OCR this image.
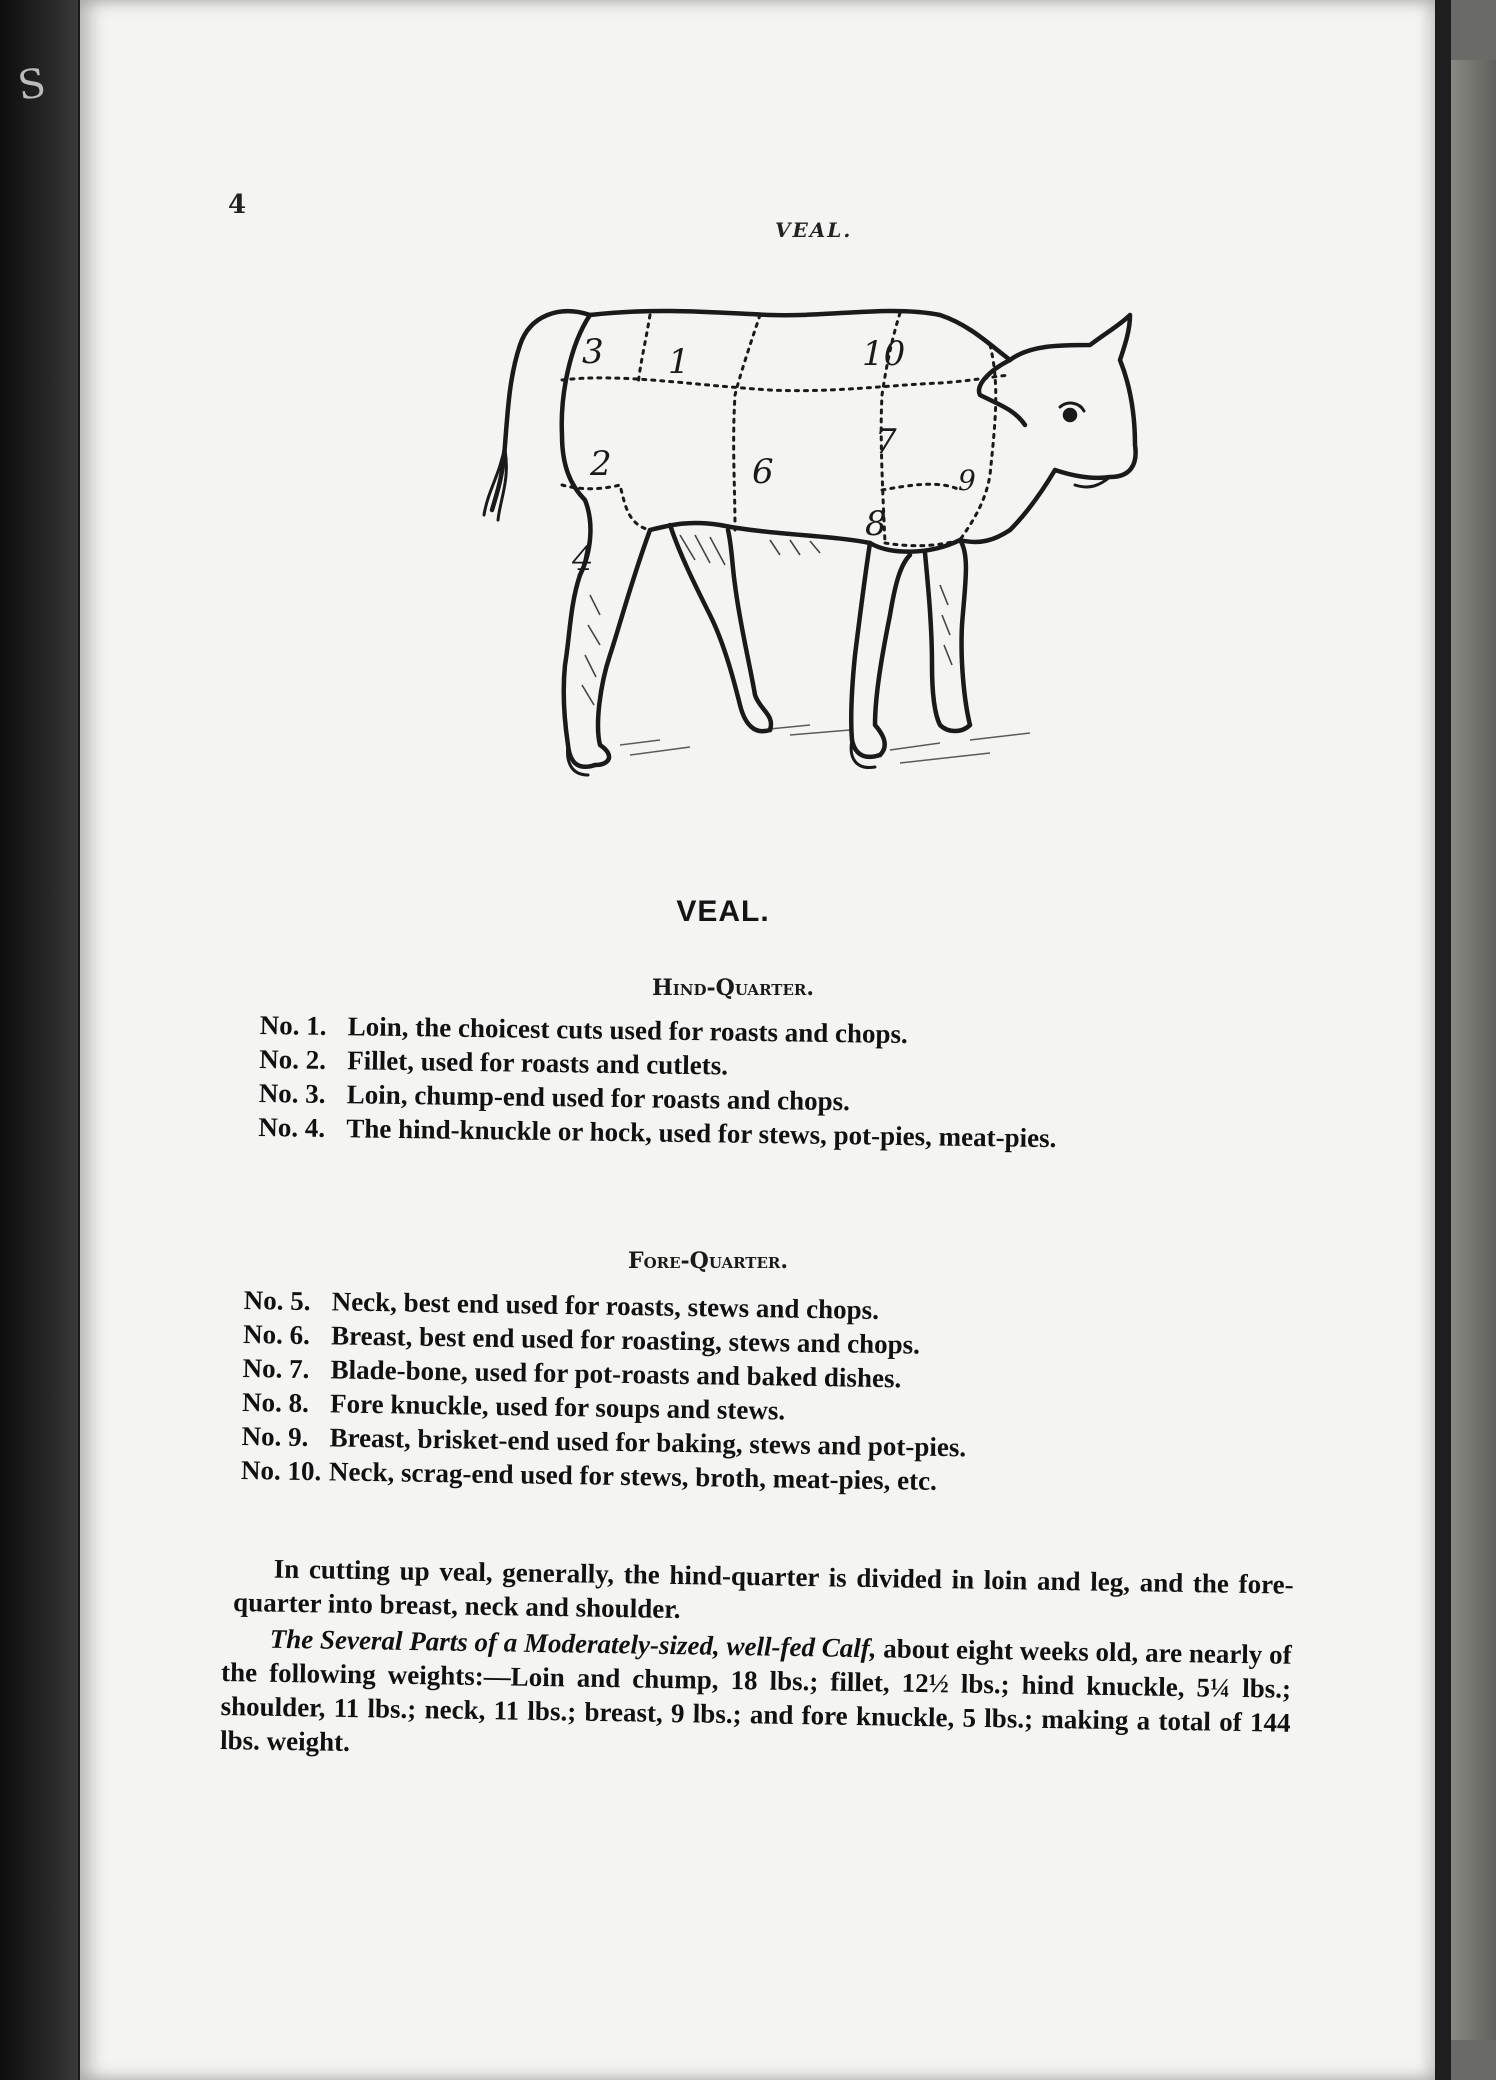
S
4
VEAL.
3 1	10
2	6
7
9
8
4
VEAL.
Hind-Quarter.
No. 1. Loin, the choicest cuts used for roasts and chops.
No. 2. Fillet, used for roasts and cutlets.
No. 3. Loin, chump-end used for roasts and chops.
No. 4. The hind-knuckle or hock, used for stews, pot-pies, meat-pies.
Fore-Quarter.
No. 5. Neck, best end used for roasts, stews and chops.
No. 6. Breast, best end used for roasting, stews and chops.
No. 7. Blade-bone, used for pot-roasts and baked dishes.
No. 8. Fore knuckle, used for soups and stews.
No. 9. Breast, brisket-end used for baking, stews and pot-pies.
No. 10. Neck, scrag-end used for stews, broth, meat-pies, etc.

In cutting up veal, generally, the hind-quarter is divided in loin and leg, and the fore-quarter into breast, neck and shoulder.

The Several Parts of a Moderately-sized, well-fed Calf, about eight weeks old, are nearly of the following weights:—Loin and chump, 18 lbs.; fillet, 12½ lbs.; hind knuckle, 5¼ lbs.; shoulder, 11 lbs.; neck, 11 lbs.; breast, 9 lbs.; and fore knuckle, 5 lbs.; making a total of 144 lbs. weight.
